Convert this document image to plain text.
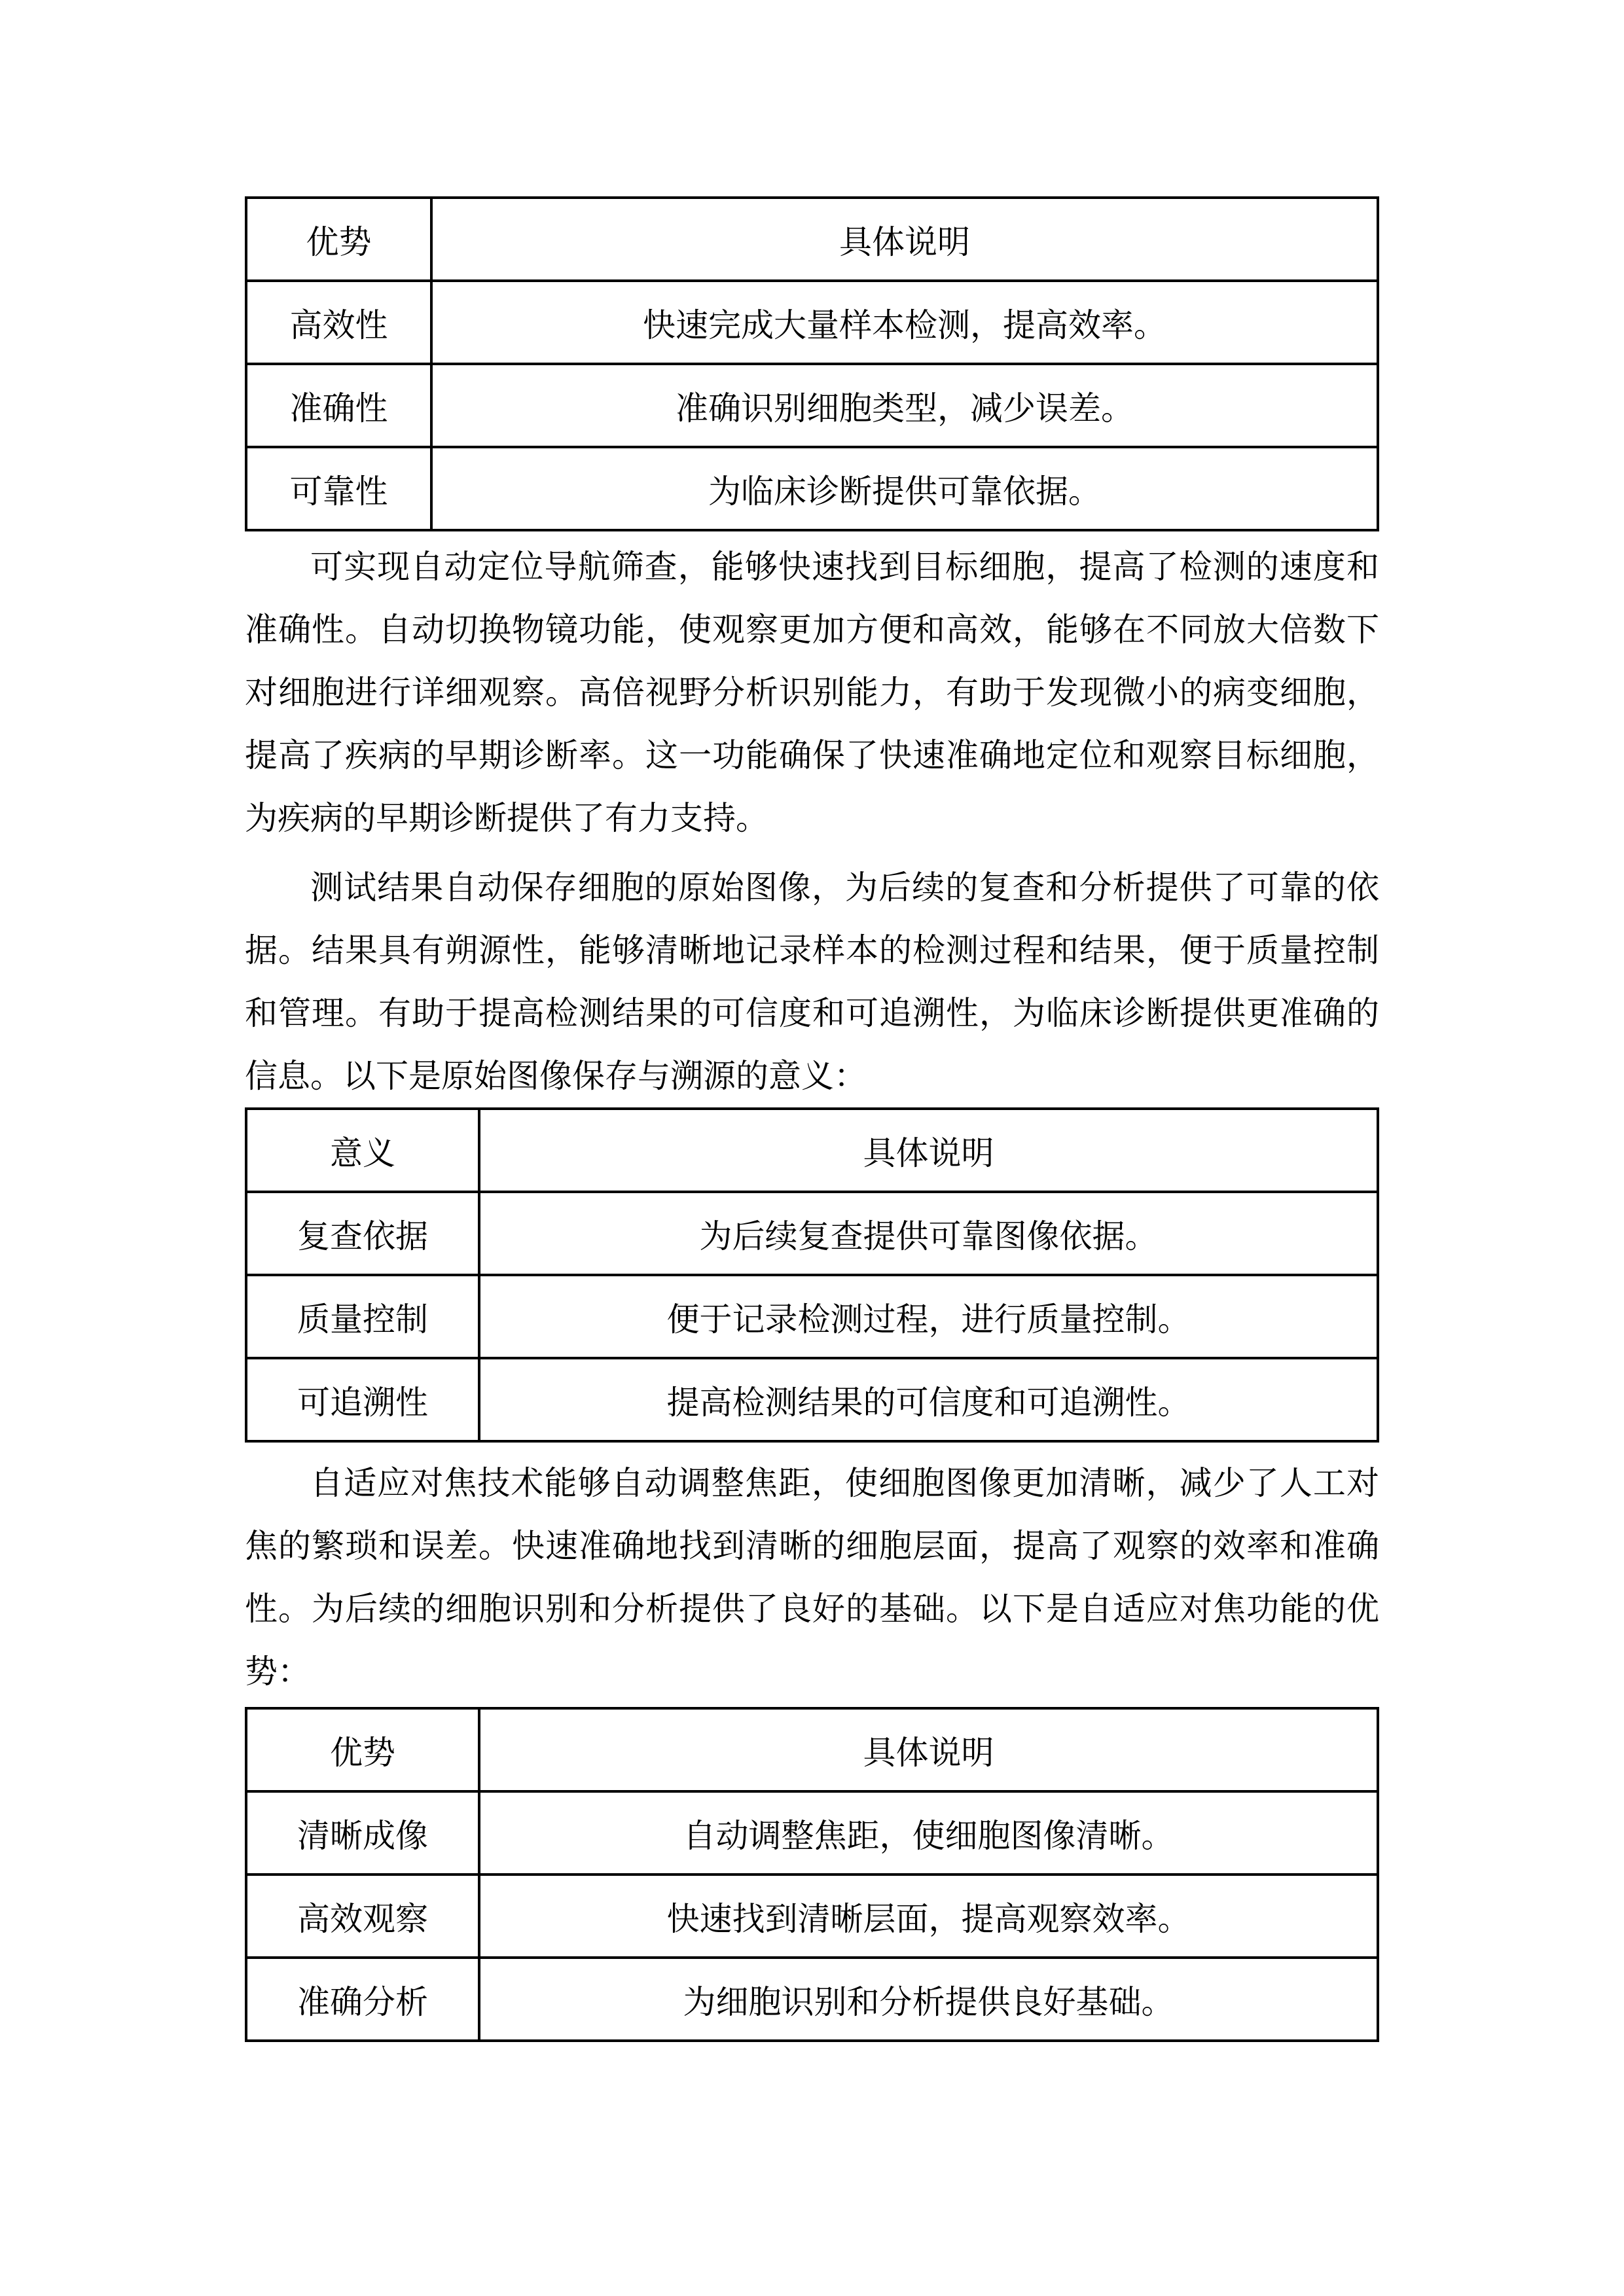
优势	具体说明
高效性	快速完成大量样本检测，提高效率。
准确性	准确识别细胞类型，减少误差。
可靠性	为临床诊断提供可靠依据。

可实现自动定位导航筛查，能够快速找到目标细胞，提高了检测的速度和准确性。自动切换物镜功能，使观察更加方便和高效，能够在不同放大倍数下对细胞进行详细观察。高倍视野分析识别能力，有助于发现微小的病变细胞，提高了疾病的早期诊断率。这一功能确保了快速准确地定位和观察目标细胞，为疾病的早期诊断提供了有力支持。

测试结果自动保存细胞的原始图像，为后续的复查和分析提供了可靠的依据。结果具有朔源性，能够清晰地记录样本的检测过程和结果，便于质量控制和管理。有助于提高检测结果的可信度和可追溯性，为临床诊断提供更准确的信息。以下是原始图像保存与溯源的意义：

意义	具体说明
复查依据	为后续复查提供可靠图像依据。
质量控制	便于记录检测过程，进行质量控制。
可追溯性	提高检测结果的可信度和可追溯性。

自适应对焦技术能够自动调整焦距，使细胞图像更加清晰，减少了人工对焦的繁琐和误差。快速准确地找到清晰的细胞层面，提高了观察的效率和准确性。为后续的细胞识别和分析提供了良好的基础。以下是自适应对焦功能的优势：

优势	具体说明
清晰成像	自动调整焦距，使细胞图像清晰。
高效观察	快速找到清晰层面，提高观察效率。
准确分析	为细胞识别和分析提供良好基础。
